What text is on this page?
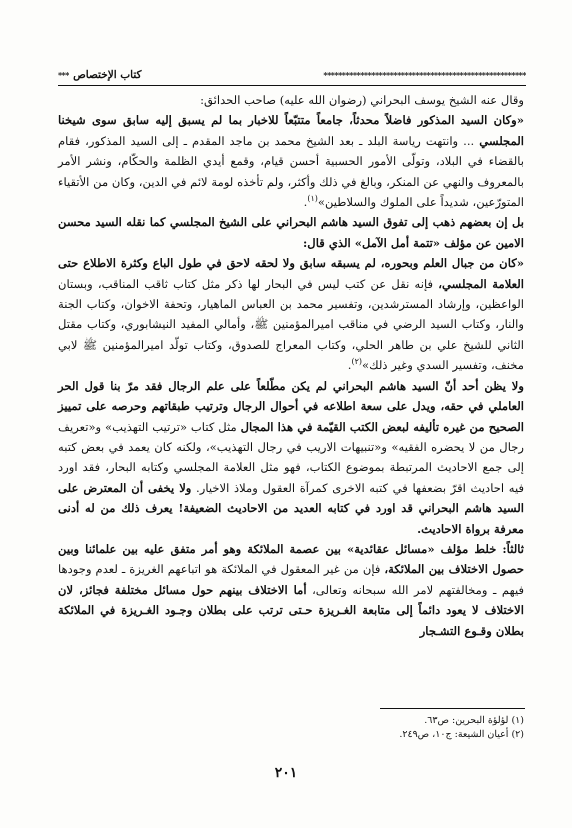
*******************************************************
كتاب الإختصاص
***

وقال عنه الشيخ يوسف البحراني (رضوان الله عليه) صاحب الحدائق:

«وكان السيد المذكور فاضلاً محدثاً، جامعاً متتبّعاً للاخبار بما لم يسبق إليه سابق سوى شيخنا المجلسي ... وانتهت رياسة البلد ـ بعد الشيخ محمد بن ماجد المقدم ـ إلى السيد المذكور، فقام بالقضاء في البلاد، وتولّى الأمور الحسبية أحسن قيام، وقمع أيدي الظلمة والحكّام، ونشر الأمر بالمعروف والنهي عن المنكر، وبالغ في ذلك وأكثر، ولم تأخذه لومة لائم في الدين، وكان من الأتقياء المتورّعين، شديداً على الملوك والسلاطين»$^{(١)}$.

بل إن بعضهم ذهب إلى تفوق السيد هاشم البحراني على الشيخ المجلسي كما نقله السيد محسن الامين عن مؤلف «تتمة أمل الآمل» الذي قال:

«كان من جبال العلم وبحوره، لم يسبقه سابق ولا لحقه لاحق في طول الباع وكثرة الاطلاع حتى العلامة المجلسي، فإنه نقل عن كتب ليس في البحار لها ذكر مثل كتاب ثاقب المناقب، وبستان الواعظين، وإرشاد المسترشدين، وتفسير محمد بن العباس الماهيار، وتحفة الاخوان، وكتاب الجنة والنار، وكتاب السيد الرضي في مناقب اميرالمؤمنين ﷺ، وأمالي المفيد النيشابوري، وكتاب مقتل الثاني للشيخ علي بن طاهر الحلي، وكتاب المعراج للصدوق، وكتاب تولّد اميرالمؤمنين ﷺ لابي مخنف، وتفسير السدي وغير ذلك»$^{(٢)}$.

ولا يظن أحد أنّ السيد هاشم البحراني لم يكن مطّلعاً على علم الرجال فقد مرّ بنا قول الحر العاملي في حقه، ويدل على سعة اطلاعه في أحوال الرجال وترتيب طبقاتهم وحرصه على تمييز الصحيح من غيره تأليفه لبعض الكتب القيّمة في هذا المجال مثل كتاب «ترتيب التهذيب» و«تعريف رجال من لا يحضره الفقيه» و«تنبيهات الاريب في رجال التهذيب»، ولكنه كان يعمد في بعض كتبه إلى جمع الاحاديث المرتبطة بموضوع الكتاب، فهو مثل العلامة المجلسي وكتابه البحار، فقد اورد فيه احاديث اقرّ بضعفها في كتبه الاخرى كمرآة العقول وملاذ الاخيار. ولا يخفى أن المعترض على السيد هاشم البحراني قد اورد في كتابه العديد من الاحاديث الضعيفة! يعرف ذلك من له أدنى معرفة برواة الاحاديث.

ثالثاً: خلط مؤلف «مسائل عقائدية» بين عصمة الملائكة وهو أمر متفق عليه بين علمائنا وبين حصول الاختلاف بين الملائكة، فإن من غير المعقول في الملائكة هو اتباعهم الغريزة ـ لعدم وجودها فيهم ـ ومخالفتهم لامر الله سبحانه وتعالى، أما الاختلاف بينهم حول مسائل مختلفة فجائز، لان الاختلاف لا يعود دائماً إلى متابعة الغـريزة حـتى ترتب على بطلان وجـود الغـريزة في الملائكة بطلان وقـوع التشـجار

(١) لؤلؤة البحرين: ص٦٣.
(٢) أعيان الشيعة: ج١٠، ص٢٤٩.
٢٠١
